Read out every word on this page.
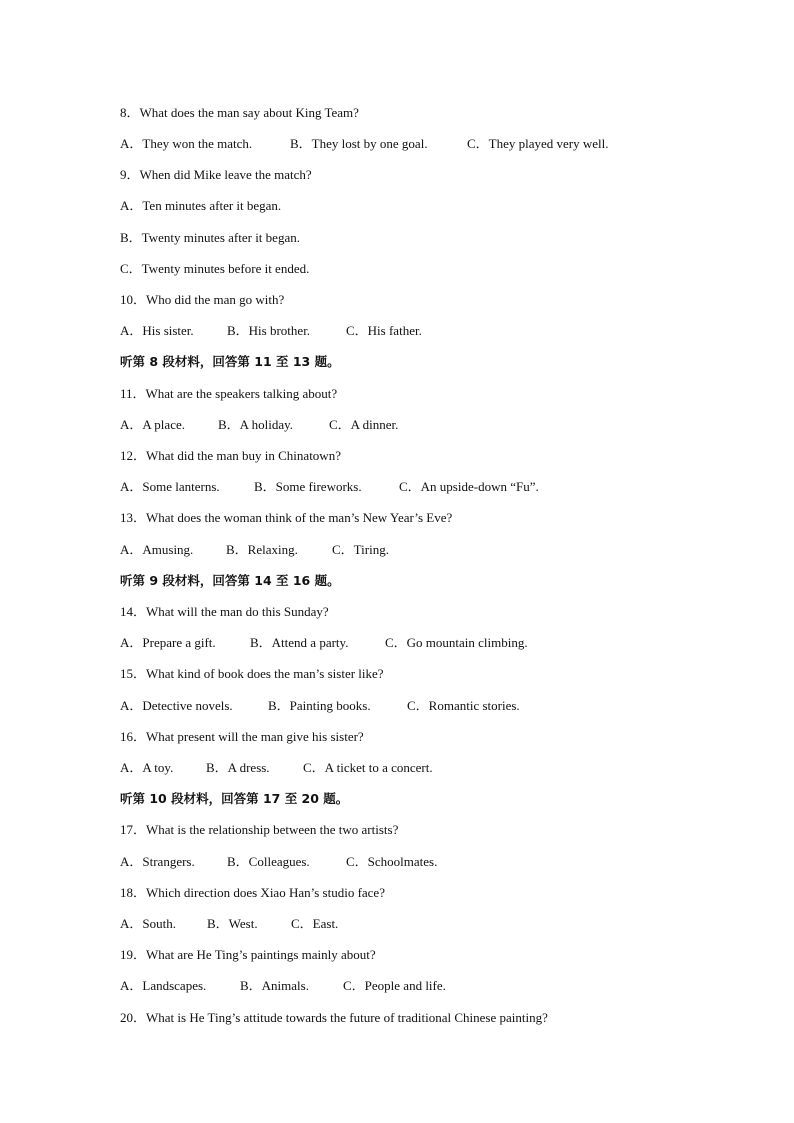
8．What does the man say about King Team?
A．They won the match.	B．They lost by one goal.	C．They played very well.
9．When did Mike leave the match?
A．Ten minutes after it began.
B．Twenty minutes after it began.
C．Twenty minutes before it ended.
10．Who did the man go with?
A．His sister.	B．His brother.	C．His father.
听第 8 段材料，回答第 11 至 13 题。
11．What are the speakers talking about?
A．A place.	B．A holiday.	C．A dinner.
12．What did the man buy in Chinatown?
A．Some lanterns.	B．Some fireworks.	C．An upside-down “Fu”.
13．What does the woman think of the man’s New Year’s Eve?
A．Amusing.	B．Relaxing.	C．Tiring.
听第 9 段材料，回答第 14 至 16 题。
14．What will the man do this Sunday?
A．Prepare a gift.	B．Attend a party.	C．Go mountain climbing.
15．What kind of book does the man’s sister like?
A．Detective novels.	B．Painting books.	C．Romantic stories.
16．What present will the man give his sister?
A．A toy.	B．A dress.	C．A ticket to a concert.
听第 10 段材料，回答第 17 至 20 题。
17．What is the relationship between the two artists?
A．Strangers. B．Colleagues.	C．Schoolmates.
18．Which direction does Xiao Han’s studio face?
A．South. B．West.	C．East.
19．What are He Ting’s paintings mainly about?
A．Landscapes.	B．Animals.	C．People and life.
20．What is He Ting’s attitude towards the future of traditional Chinese painting?
